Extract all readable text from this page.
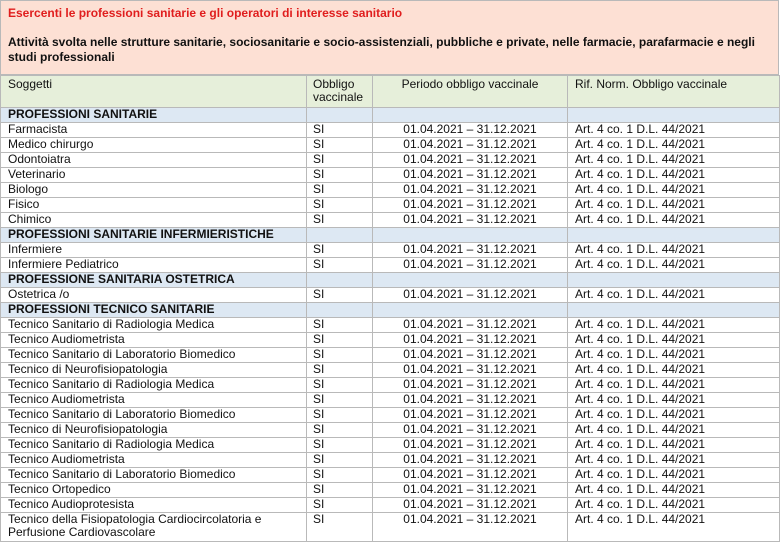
Esercenti le professioni sanitarie e gli operatori di interesse sanitario
Attività svolta nelle strutture sanitarie, sociosanitarie e socio-assistenziali, pubbliche e private, nelle farmacie, parafarmacie e negli studi professionali
Soggetti	Obbligo vaccinale	Periodo obbligo vaccinale	Rif. Norm. Obbligo vaccinale
PROFESSIONI SANITARIE			
Farmacista	SI	01.04.2021 – 31.12.2021	Art. 4 co. 1 D.L. 44/2021
Medico chirurgo	SI	01.04.2021 – 31.12.2021	Art. 4 co. 1 D.L. 44/2021
Odontoiatra	SI	01.04.2021 – 31.12.2021	Art. 4 co. 1 D.L. 44/2021
Veterinario	SI	01.04.2021 – 31.12.2021	Art. 4 co. 1 D.L. 44/2021
Biologo	SI	01.04.2021 – 31.12.2021	Art. 4 co. 1 D.L. 44/2021
Fisico	SI	01.04.2021 – 31.12.2021	Art. 4 co. 1 D.L. 44/2021
Chimico	SI	01.04.2021 – 31.12.2021	Art. 4 co. 1 D.L. 44/2021
PROFESSIONI SANITARIE INFERMIERISTICHE			
Infermiere	SI	01.04.2021 – 31.12.2021	Art. 4 co. 1 D.L. 44/2021
Infermiere Pediatrico	SI	01.04.2021 – 31.12.2021	Art. 4 co. 1 D.L. 44/2021
PROFESSIONE SANITARIA OSTETRICA			
Ostetrica /o	SI	01.04.2021 – 31.12.2021	Art. 4 co. 1 D.L. 44/2021
PROFESSIONI TECNICO SANITARIE			
Tecnico Sanitario di Radiologia Medica	SI	01.04.2021 – 31.12.2021	Art. 4 co. 1 D.L. 44/2021
Tecnico Audiometrista	SI	01.04.2021 – 31.12.2021	Art. 4 co. 1 D.L. 44/2021
Tecnico Sanitario di Laboratorio Biomedico	SI	01.04.2021 – 31.12.2021	Art. 4 co. 1 D.L. 44/2021
Tecnico di Neurofisiopatologia	SI	01.04.2021 – 31.12.2021	Art. 4 co. 1 D.L. 44/2021
Tecnico Sanitario di Radiologia Medica	SI	01.04.2021 – 31.12.2021	Art. 4 co. 1 D.L. 44/2021
Tecnico Audiometrista	SI	01.04.2021 – 31.12.2021	Art. 4 co. 1 D.L. 44/2021
Tecnico Sanitario di Laboratorio Biomedico	SI	01.04.2021 – 31.12.2021	Art. 4 co. 1 D.L. 44/2021
Tecnico di Neurofisiopatologia	SI	01.04.2021 – 31.12.2021	Art. 4 co. 1 D.L. 44/2021
Tecnico Sanitario di Radiologia Medica	SI	01.04.2021 – 31.12.2021	Art. 4 co. 1 D.L. 44/2021
Tecnico Audiometrista	SI	01.04.2021 – 31.12.2021	Art. 4 co. 1 D.L. 44/2021
Tecnico Sanitario di Laboratorio Biomedico	SI	01.04.2021 – 31.12.2021	Art. 4 co. 1 D.L. 44/2021
Tecnico Ortopedico	SI	01.04.2021 – 31.12.2021	Art. 4 co. 1 D.L. 44/2021
Tecnico Audioprotesista	SI	01.04.2021 – 31.12.2021	Art. 4 co. 1 D.L. 44/2021
Tecnico della Fisiopatologia Cardiocircolatoria e Perfusione Cardiovascolare	SI	01.04.2021 – 31.12.2021	Art. 4 co. 1 D.L. 44/2021
